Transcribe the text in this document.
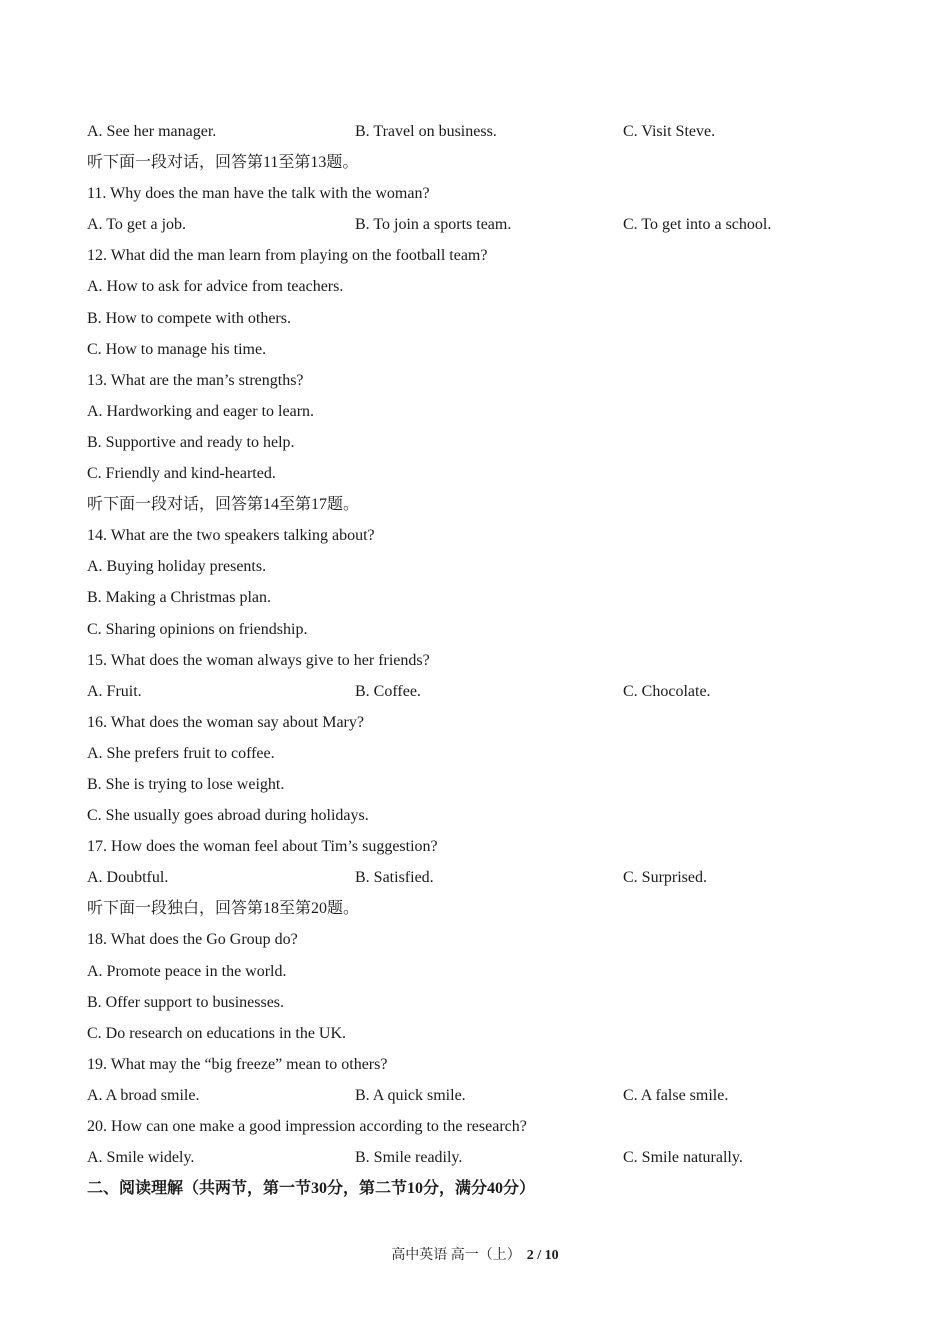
A. See her manager.	B. Travel on business.	C. Visit Steve.
听下面一段对话，回答第11至第13题。
11. Why does the man have the talk with the woman?
A. To get a job.	B. To join a sports team.	C. To get into a school.
12. What did the man learn from playing on the football team?
A. How to ask for advice from teachers.
B. How to compete with others.
C. How to manage his time.
13. What are the man’s strengths?
A. Hardworking and eager to learn.
B. Supportive and ready to help.
C. Friendly and kind-hearted.
听下面一段对话，回答第14至第17题。
14. What are the two speakers talking about?
A. Buying holiday presents.
B. Making a Christmas plan.
C. Sharing opinions on friendship.
15. What does the woman always give to her friends?
A. Fruit.	B. Coffee.	C. Chocolate.
16. What does the woman say about Mary?
A. She prefers fruit to coffee.
B. She is trying to lose weight.
C. She usually goes abroad during holidays.
17. How does the woman feel about Tim’s suggestion?
A. Doubtful.	B. Satisfied.	C. Surprised.
听下面一段独白，回答第18至第20题。
18. What does the Go Group do?
A. Promote peace in the world.
B. Offer support to businesses.
C. Do research on educations in the UK.
19. What may the “big freeze” mean to others?
A. A broad smile.	B. A quick smile.	C. A false smile.
20. How can one make a good impression according to the research?
A. Smile widely.	B. Smile readily.	C. Smile naturally.
二、阅读理解（共两节，第一节30分，第二节10分，满分40分）
高中英语 高一（上） 2 / 10
